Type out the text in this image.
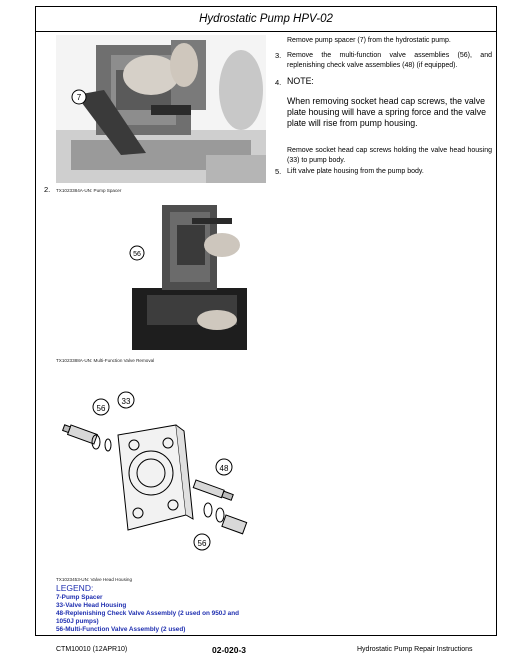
Hydrostatic Pump HPV-02
7
2. TX1023384A-UN: Pump Spacer
56
TX1023388A-UN: Multi-Function Valve Removal
56
33
48
56
TX1023453-UN: Valve Head Housing
LEGEND:
7-Pump Spacer
33-Valve Head Housing
48-Replenishing Check Valve Assembly (2 used on 950J and
1050J pumps)
56-Multi-Function Valve Assembly (2 used)
Remove pump spacer (7) from the hydrostatic pump.
3. Remove the multi-function valve assemblies (56), and replenishing check valve assemblies (48) (if equipped).
4. NOTE:
When removing socket head cap screws, the valve plate housing will have a spring force and the valve plate will rise from pump housing.
Remove socket head cap screws holding the valve head housing (33) to pump body.
5. Lift valve plate housing from the pump body.
CTM10010 (12APR10)	02-020-3	Hydrostatic Pump Repair Instructions
